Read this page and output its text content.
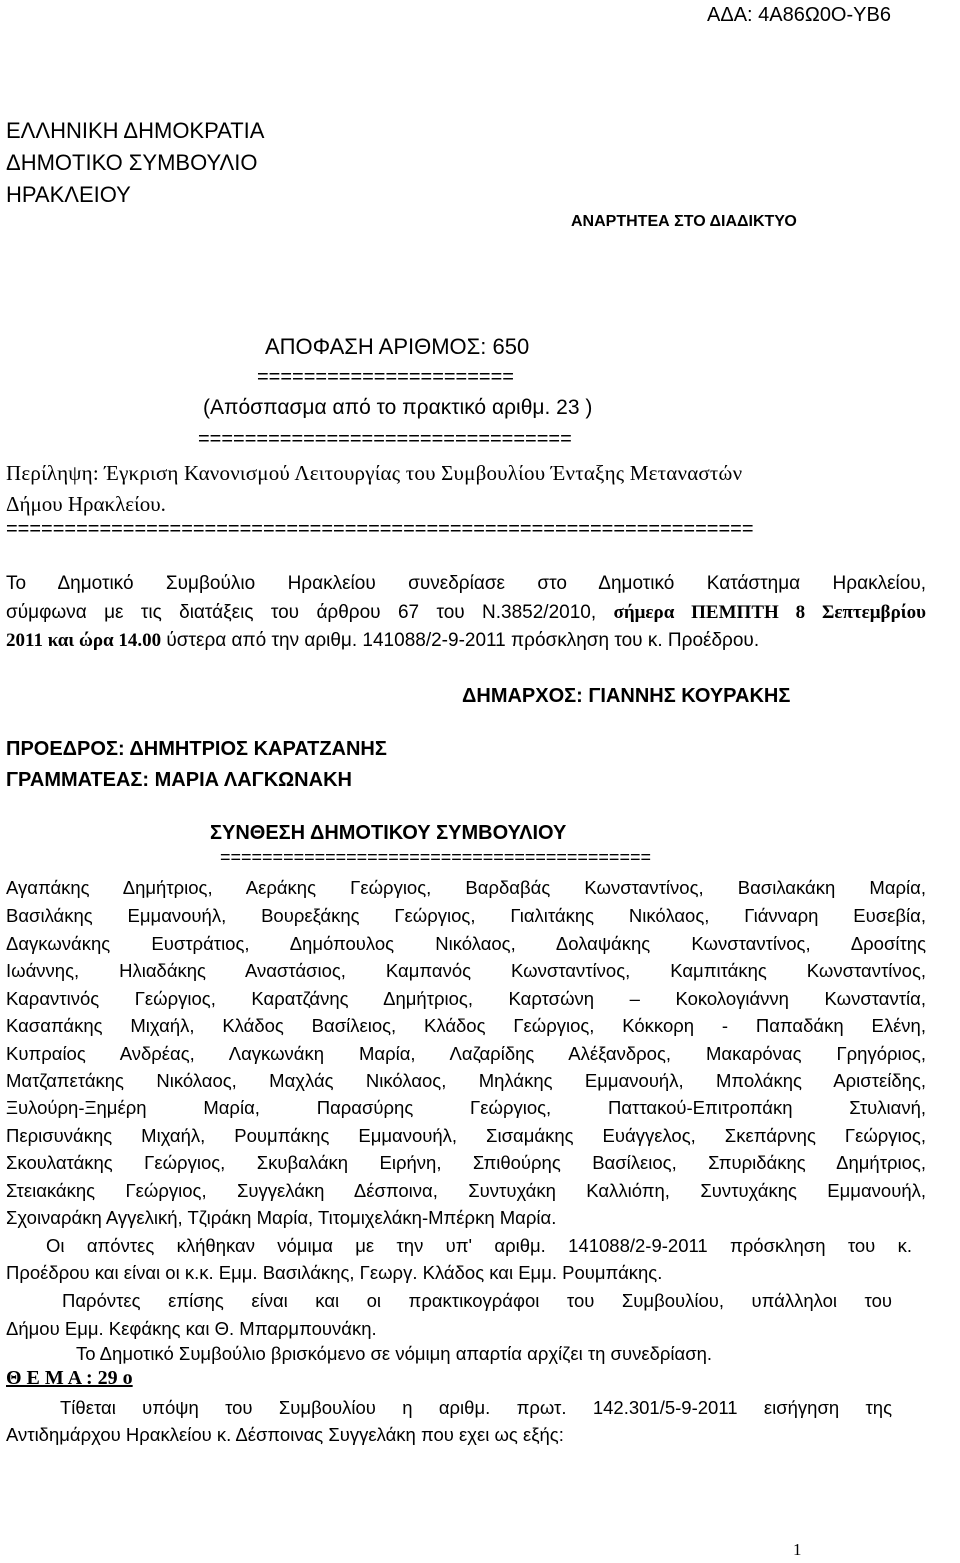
ΑΔΑ: 4Α86Ω0Ο-ΥΒ6
ΕΛΛΗΝΙΚΗ ΔΗΜΟΚΡΑΤΙΑ
ΔΗΜΟΤΙΚΟ ΣΥΜΒΟΥΛΙΟ
ΗΡΑΚΛΕΙΟΥ
ΑΝΑΡΤΗΤΕΑ ΣΤΟ ΔΙΑΔΙΚΤΥΟ
ΑΠΟΦΑΣΗ ΑΡΙΘΜΟΣ: 650
======================
(Απόσπασμα από το πρακτικό αριθμ. 23 )
================================
Περίληψη: Έγκριση Κανονισμού Λειτουργίας του Συμβουλίου Ένταξης Μεταναστών
Δήμου Ηρακλείου.
================================================================
Το Δημοτικό Συμβούλιο Ηρακλείου συνεδρίασε στο Δημοτικό Κατάστημα Ηρακλείου,
σύμφωνα με τις διατάξεις του άρθρου 67 του Ν.3852/2010, σήμερα ΠΕΜΠΤΗ 8 Σεπτεμβρίου
2011 και ώρα 14.00 ύστερα από την αριθμ. 141088/2-9-2011 πρόσκληση του κ. Προέδρου.
ΔΗΜΑΡΧΟΣ: ΓΙΑΝΝΗΣ ΚΟΥΡΑΚΗΣ
ΠΡΟΕΔΡΟΣ: ΔΗΜΗΤΡΙΟΣ ΚΑΡΑΤΖΑΝΗΣ
ΓΡΑΜΜΑΤΕΑΣ: ΜΑΡΙΑ ΛΑΓΚΩΝΑΚΗ
ΣΥΝΘΕΣΗ ΔΗΜΟΤΙΚΟΥ ΣΥΜΒΟΥΛΙΟΥ
=========================================
Αγαπάκης Δημήτριος, Αεράκης Γεώργιος, Βαρδαβάς Κωνσταντίνος, Βασιλακάκη Μαρία,
Βασιλάκης Εμμανουήλ, Βουρεξάκης Γεώργιος, Γιαλιτάκης Νικόλαος, Γιάνναρη Ευσεβία,
Δαγκωνάκης Ευστράτιος, Δημόπουλος Νικόλαος, Δολαψάκης Κωνσταντίνος, Δροσίτης
Ιωάννης, Ηλιαδάκης Αναστάσιος, Καμπανός Κωνσταντίνος, Καμπιτάκης Κωνσταντίνος,
Καραντινός Γεώργιος, Καρατζάνης Δημήτριος, Καρτσώνη – Κοκολογιάννη Κωνσταντία,
Κασαπάκης Μιχαήλ, Κλάδος Βασίλειος, Κλάδος Γεώργιος, Κόκκορη - Παπαδάκη Ελένη,
Κυπραίος Ανδρέας, Λαγκωνάκη Μαρία, Λαζαρίδης Αλέξανδρος, Μακαρόνας Γρηγόριος,
Ματζαπετάκης Νικόλαος, Μαχλάς Νικόλαος, Μηλάκης Εμμανουήλ, Μπολάκης Αριστείδης,
Ξυλούρη-Ξημέρη Μαρία, Παρασύρης Γεώργιος, Παττακού-Επιτροπάκη Στυλιανή,
Περισυνάκης Μιχαήλ, Ρουμπάκης Εμμανουήλ, Σισαμάκης Ευάγγελος, Σκεπάρνης Γεώργιος,
Σκουλατάκης Γεώργιος, Σκυβαλάκη Ειρήνη, Σπιθούρης Βασίλειος, Σπυριδάκης Δημήτριος,
Στειακάκης Γεώργιος, Συγγελάκη Δέσποινα, Συντυχάκη Καλλιόπη, Συντυχάκης Εμμανουήλ,
Σχοιναράκη Αγγελική, Τζιράκη Μαρία, Τιτομιχελάκη-Μπέρκη Μαρία.
Οι απόντες κλήθηκαν νόμιμα με την υπ' αριθμ. 141088/2-9-2011 πρόσκληση του κ.
Προέδρου και είναι οι κ.κ. Εμμ. Βασιλάκης, Γεωργ. Κλάδος και Εμμ. Ρουμπάκης.
Παρόντες επίσης είναι και οι πρακτικογράφοι του Συμβουλίου, υπάλληλοι του
Δήμου Εμμ. Κεφάκης και Θ. Μπαρμπουνάκη.
Το Δημοτικό Συμβούλιο βρισκόμενο σε νόμιμη απαρτία αρχίζει τη συνεδρίαση.
Θ Ε Μ Α : 29 ο
Τίθεται υπόψη του Συμβουλίου η αριθμ. πρωτ. 142.301/5-9-2011 εισήγηση της
Αντιδημάρχου Ηρακλείου κ. Δέσποινας Συγγελάκη που εχει ως εξής:
1
